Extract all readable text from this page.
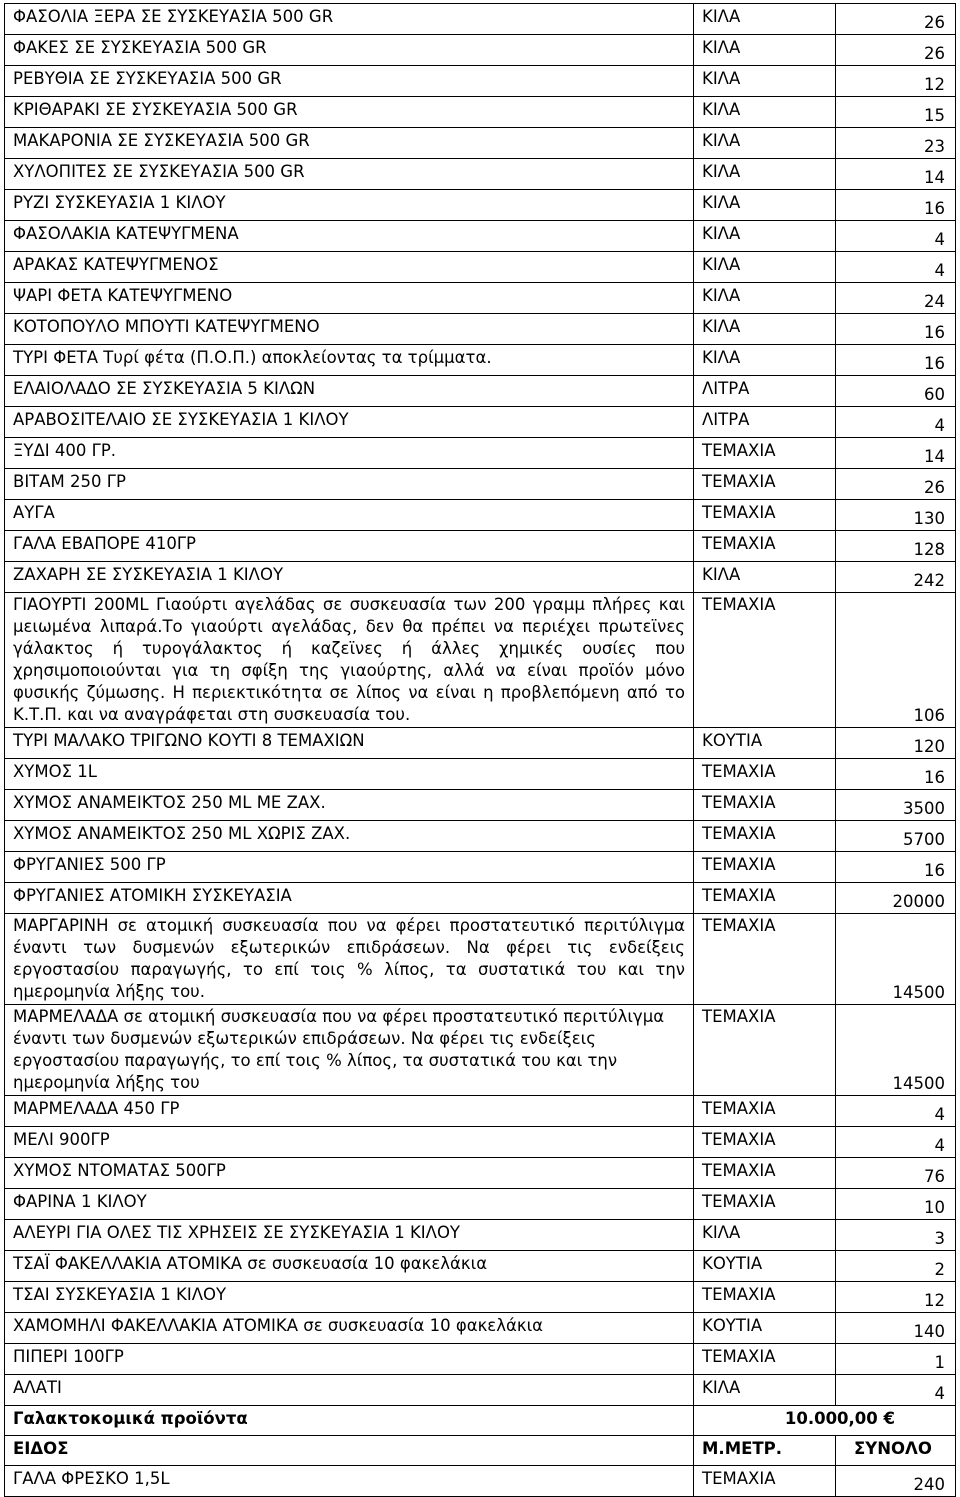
ΦΑΣΟΛΙΑ ΞΕΡΑ ΣΕ ΣΥΣΚΕΥΑΣΙΑ 500 GR	ΚΙΛΑ	26
ΦΑΚΕΣ ΣΕ ΣΥΣΚΕΥΑΣΙΑ 500 GR	ΚΙΛΑ	26
ΡΕΒΥΘΙΑ ΣΕ ΣΥΣΚΕΥΑΣΙΑ 500 GR	ΚΙΛΑ	12
ΚΡΙΘΑΡΑΚΙ ΣΕ ΣΥΣΚΕΥΑΣΙΑ 500 GR	ΚΙΛΑ	15
ΜΑΚΑΡΟΝΙΑ ΣΕ ΣΥΣΚΕΥΑΣΙΑ 500 GR	ΚΙΛΑ	23
ΧΥΛΟΠΙΤΕΣ ΣΕ ΣΥΣΚΕΥΑΣΙΑ 500 GR	ΚΙΛΑ	14
ΡΥΖΙ ΣΥΣΚΕΥΑΣΙΑ 1 ΚΙΛΟΥ	ΚΙΛΑ	16
ΦΑΣΟΛΑΚΙΑ ΚΑΤΕΨΥΓΜΕΝΑ	ΚΙΛΑ	4
ΑΡΑΚΑΣ ΚΑΤΕΨΥΓΜΕΝΟΣ	ΚΙΛΑ	4
ΨΑΡΙ ΦΕΤΑ ΚΑΤΕΨΥΓΜΕΝΟ	ΚΙΛΑ	24
ΚΟΤΟΠΟΥΛΟ ΜΠΟΥΤΙ ΚΑΤΕΨΥΓΜΕΝΟ	ΚΙΛΑ	16
ΤΥΡΙ ΦΕΤΑ Τυρί φέτα (Π.Ο.Π.) αποκλείοντας τα τρίμματα.	ΚΙΛΑ	16
ΕΛΑΙΟΛΑΔΟ ΣΕ ΣΥΣΚΕΥΑΣΙΑ 5 ΚΙΛΩΝ	ΛΙΤΡΑ	60
ΑΡΑΒΟΣΙΤΕΛΑΙΟ ΣΕ ΣΥΣΚΕΥΑΣΙΑ 1 ΚΙΛΟΥ	ΛΙΤΡΑ	4
ΞΥΔΙ 400 ΓΡ.	ΤΕΜΑΧΙΑ	14
ΒΙΤΑΜ 250 ΓΡ	ΤΕΜΑΧΙΑ	26
ΑΥΓΑ	ΤΕΜΑΧΙΑ	130
ΓΑΛΑ ΕΒΑΠΟΡΕ 410ΓΡ	ΤΕΜΑΧΙΑ	128
ΖΑΧΑΡΗ ΣΕ ΣΥΣΚΕΥΑΣΙΑ 1 ΚΙΛΟΥ	ΚΙΛΑ	242
ΓΙΑΟΥΡΤΙ 200ML Γιαούρτι αγελάδας σε συσκευασία των 200 γραμμ πλήρες και μειωμένα λιπαρά.Το γιαούρτι αγελάδας, δεν θα πρέπει να περιέχει πρωτεϊνες γάλακτος ή τυρογάλακτος ή καζεϊνες ή άλλες χημικές ουσίες που χρησιμοποιούνται για τη σφίξη της γιαούρτης, αλλά να είναι προϊόν μόνο φυσικής ζύμωσης. Η περιεκτικότητα σε λίπος να είναι η προβλεπόμενη από το Κ.Τ.Π. και να αναγράφεται στη συσκευασία του.	ΤΕΜΑΧΙΑ	106
ΤΥΡΙ ΜΑΛΑΚΟ ΤΡΙΓΩΝΟ ΚΟΥΤΙ 8 ΤΕΜΑΧΙΩΝ	ΚΟΥΤΙΑ	120
ΧΥΜΟΣ 1L	ΤΕΜΑΧΙΑ	16
ΧΥΜΟΣ ΑΝΑΜΕΙΚΤΟΣ 250 ML ΜΕ ΖΑΧ.	ΤΕΜΑΧΙΑ	3500
ΧΥΜΟΣ ΑΝΑΜΕΙΚΤΟΣ 250 ML ΧΩΡΙΣ ΖΑΧ.	ΤΕΜΑΧΙΑ	5700
ΦΡΥΓΑΝΙΕΣ 500 ΓΡ	ΤΕΜΑΧΙΑ	16
ΦΡΥΓΑΝΙΕΣ ΑΤΟΜΙΚΗ ΣΥΣΚΕΥΑΣΙΑ	ΤΕΜΑΧΙΑ	20000
ΜΑΡΓΑΡΙΝΗ σε ατομική συσκευασία που να φέρει προστατευτικό περιτύλιγμα έναντι των δυσμενών εξωτερικών επιδράσεων. Να φέρει τις ενδείξεις εργοστασίου παραγωγής, το επί τοις % λίπος, τα συστατικά του και την ημερομηνία λήξης του.	ΤΕΜΑΧΙΑ	14500
ΜΑΡΜΕΛΑΔΑ σε ατομική συσκευασία που να φέρει προστατευτικό περιτύλιγμα έναντι των δυσμενών εξωτερικών επιδράσεων. Να φέρει τις ενδείξεις εργοστασίου παραγωγής, το επί τοις % λίπος, τα συστατικά του και την ημερομηνία λήξης του	ΤΕΜΑΧΙΑ	14500
ΜΑΡΜΕΛΑΔΑ 450 ΓΡ	ΤΕΜΑΧΙΑ	4
ΜΕΛΙ 900ΓΡ	ΤΕΜΑΧΙΑ	4
ΧΥΜΟΣ ΝΤΟΜΑΤΑΣ 500ΓΡ	ΤΕΜΑΧΙΑ	76
ΦΑΡΙΝΑ 1 ΚΙΛΟΥ	ΤΕΜΑΧΙΑ	10
ΑΛΕΥΡΙ ΓΙΑ ΟΛΕΣ ΤΙΣ ΧΡΗΣΕΙΣ ΣΕ ΣΥΣΚΕΥΑΣΙΑ 1 ΚΙΛΟΥ	ΚΙΛΑ	3
ΤΣΑΪ ΦΑΚΕΛΛΑΚΙΑ ΑΤΟΜΙΚΑ σε συσκευασία 10 φακελάκια	ΚΟΥΤΙΑ	2
ΤΣΑΙ ΣΥΣΚΕΥΑΣΙΑ 1 ΚΙΛΟΥ	ΤΕΜΑΧΙΑ	12
ΧΑΜΟΜΗΛΙ ΦΑΚΕΛΛΑΚΙΑ ΑΤΟΜΙΚΑ σε συσκευασία 10 φακελάκια	ΚΟΥΤΙΑ	140
ΠΙΠΕΡΙ 100ΓΡ	ΤΕΜΑΧΙΑ	1
ΑΛΑΤΙ	ΚΙΛΑ	4
Γαλακτοκομικά προϊόντα	10.000,00 €	
ΕΙΔΟΣ	Μ.ΜΕΤΡ.	ΣΥΝΟΛΟ
ΓΑΛΑ ΦΡΕΣΚΟ 1,5L	ΤΕΜΑΧΙΑ	240
